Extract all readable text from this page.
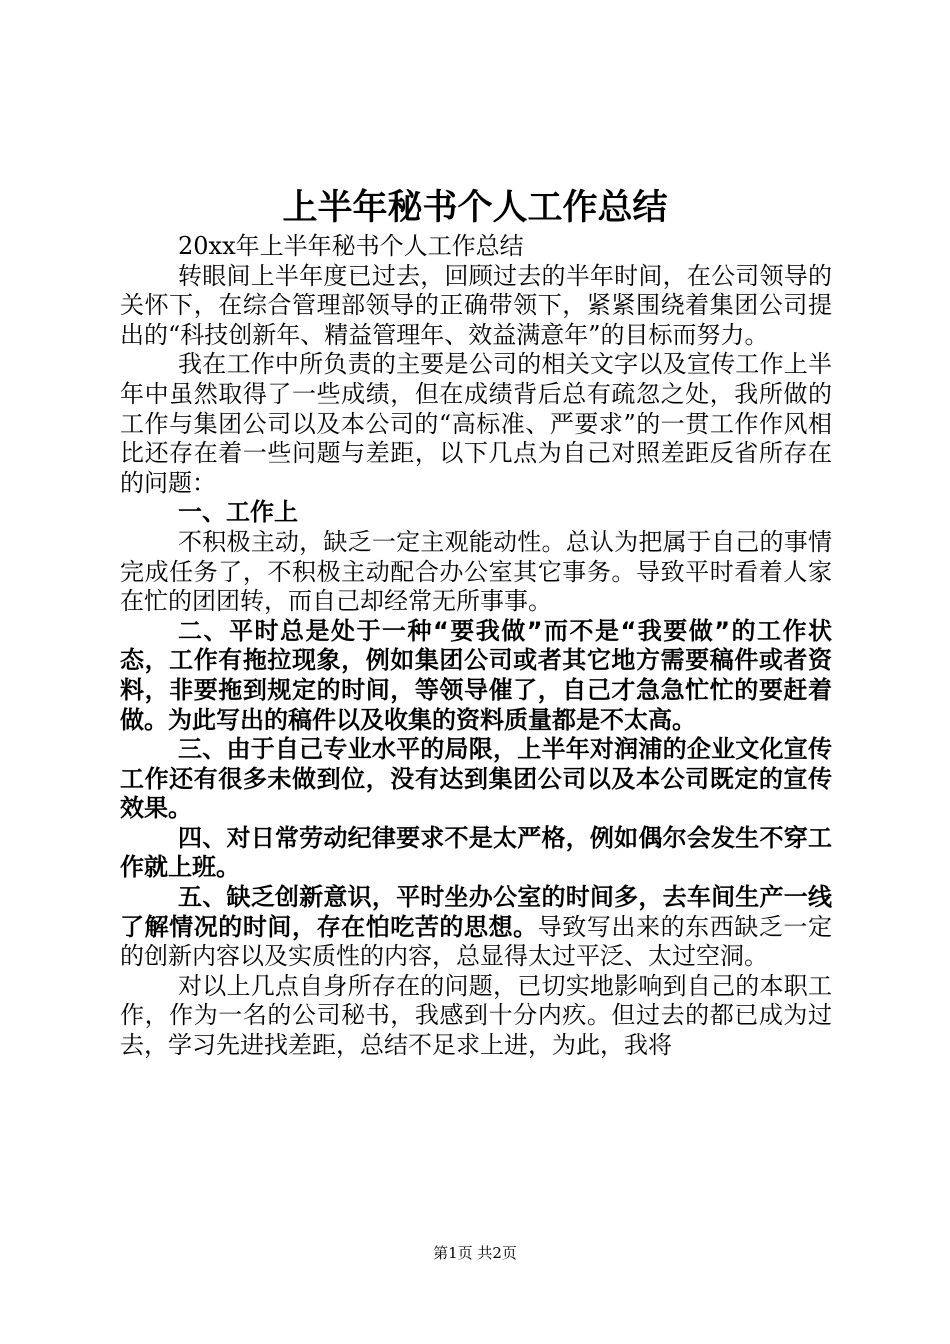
上半年秘书个人工作总结

20xx年上半年秘书个人工作总结

转眼间上半年度已过去，回顾过去的半年时间，在公司领导的关怀下，在综合管理部领导的正确带领下，紧紧围绕着集团公司提出的“科技创新年、精益管理年、效益满意年”的目标而努力。

我在工作中所负责的主要是公司的相关文字以及宣传工作上半年中虽然取得了一些成绩，但在成绩背后总有疏忽之处，我所做的工作与集团公司以及本公司的“高标准、严要求”的一贯工作作风相比还存在着一些问题与差距，以下几点为自己对照差距反省所存在的问题：

一、工作上

不积极主动，缺乏一定主观能动性。总认为把属于自己的事情完成任务了，不积极主动配合办公室其它事务。导致平时看着人家在忙的团团转，而自己却经常无所事事。

二、平时总是处于一种“要我做”而不是“我要做”的工作状态，工作有拖拉现象，例如集团公司或者其它地方需要稿件或者资料，非要拖到规定的时间，等领导催了，自己才急急忙忙的要赶着做。为此写出的稿件以及收集的资料质量都是不太高。

三、由于自己专业水平的局限，上半年对润浦的企业文化宣传工作还有很多未做到位，没有达到集团公司以及本公司既定的宣传效果。

四、对日常劳动纪律要求不是太严格，例如偶尔会发生不穿工作就上班。

五、缺乏创新意识，平时坐办公室的时间多，去车间生产一线了解情况的时间，存在怕吃苦的思想。导致写出来的东西缺乏一定的创新内容以及实质性的内容，总显得太过平泛、太过空洞。

对以上几点自身所存在的问题，已切实地影响到自己的本职工作，作为一名的公司秘书，我感到十分内疚。但过去的都已成为过去，学习先进找差距，总结不足求上进，为此，我将

第1页 共2页
